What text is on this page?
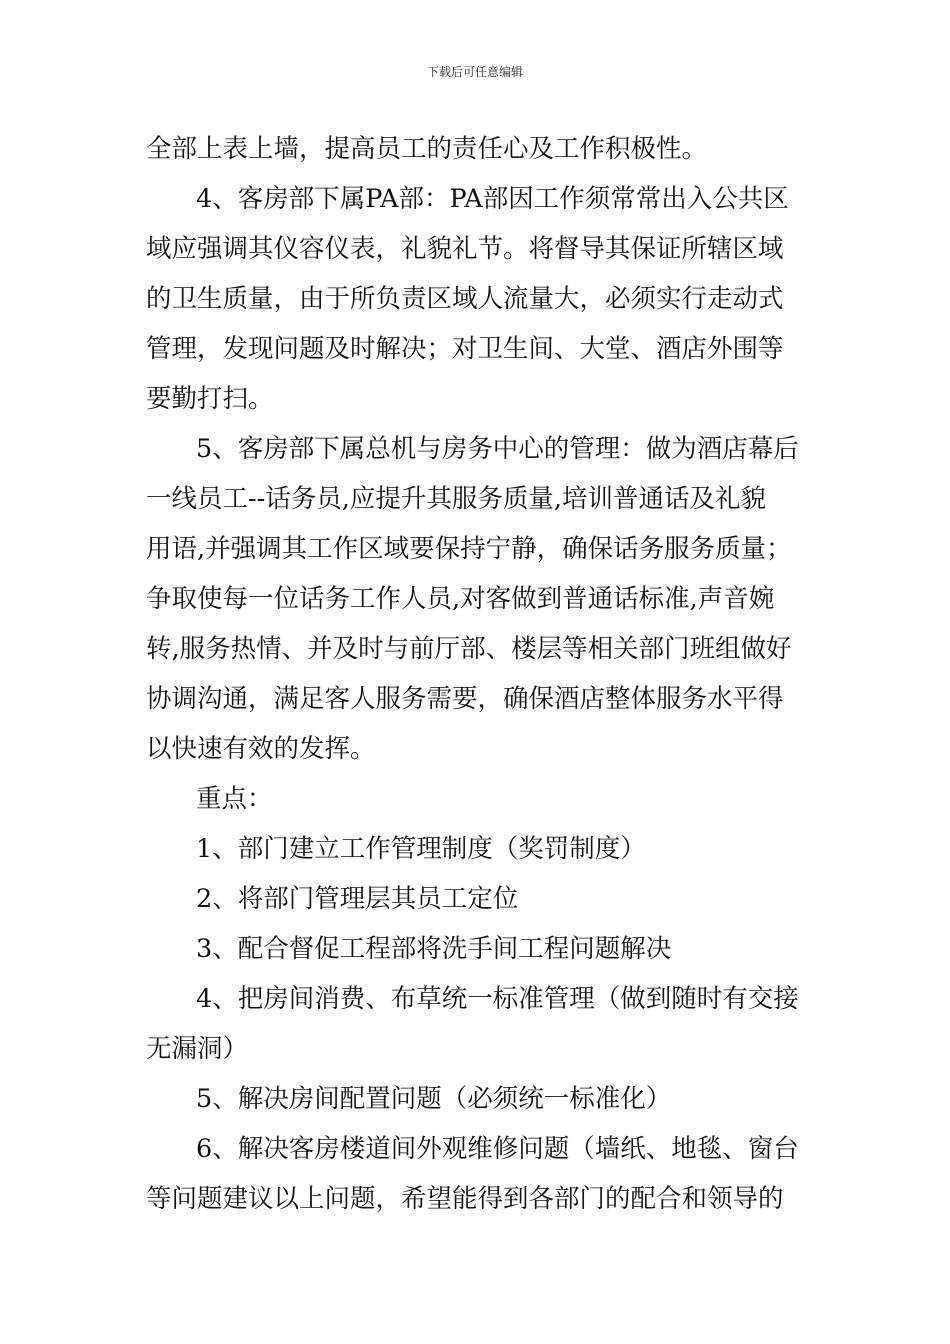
下载后可任意编辑

全部上表上墙，提高员工的责任心及工作积极性。

4、客房部下属PA部：PA部因工作须常常出入公共区

域应强调其仪容仪表，礼貌礼节。将督导其保证所辖区域

的卫生质量，由于所负责区域人流量大，必须实行走动式

管理，发现问题及时解决；对卫生间、大堂、酒店外围等

要勤打扫。

5、客房部下属总机与房务中心的管理：做为酒店幕后

一线员工--话务员,应提升其服务质量,培训普通话及礼貌

用语,并强调其工作区域要保持宁静，确保话务服务质量；

争取使每一位话务工作人员,对客做到普通话标准,声音婉

转,服务热情、并及时与前厅部、楼层等相关部门班组做好

协调沟通，满足客人服务需要，确保酒店整体服务水平得

以快速有效的发挥。

重点：

1、部门建立工作管理制度（奖罚制度）

2、将部门管理层其员工定位

3、配合督促工程部将洗手间工程问题解决

4、把房间消费、布草统一标准管理（做到随时有交接

无漏洞）

5、解决房间配置问题（必须统一标准化）

6、解决客房楼道间外观维修问题（墙纸、地毯、窗台

等问题建议以上问题，希望能得到各部门的配合和领导的
